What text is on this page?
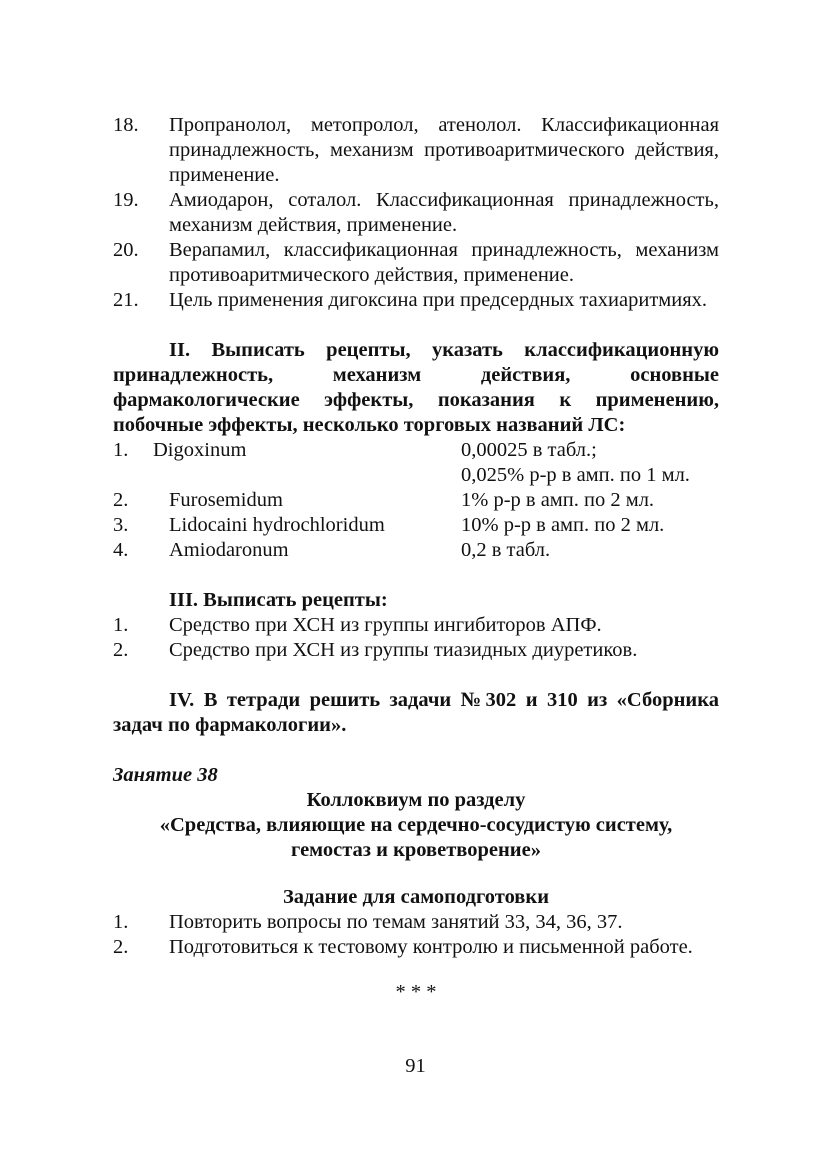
18.	Пропранолол, метопролол, атенолол. Классификационная принадлежность, механизм противоаритмического действия, применение.
19.	Амиодарон, соталол. Классификационная принадлежность, механизм действия, применение.
20.	Верапамил, классификационная принадлежность, механизм противоаритмического действия, применение.
21.	Цель применения дигоксина при предсердных тахиаритмиях.
II. Выписать рецепты, указать классификационную принадлежность, механизм действия, основные фармакологические эффекты, показания к применению, побочные эффекты, несколько торговых названий ЛС:
1. Digoxinum	0,00025 в табл.;
0,025% р-р в амп. по 1 мл.
2. Furosemidum	1% р-р в амп. по 2 мл.
3. Lidocaini hydrochloridum	10% р-р в амп. по 2 мл.
4. Amiodaronum	0,2 в табл.
III. Выписать рецепты:
1.	Средство при ХСН из группы ингибиторов АПФ.
2.	Средство при ХСН из группы тиазидных диуретиков.
IV. В тетради решить задачи №302 и 310 из «Сборника задач по фармакологии».
Занятие 38
Коллоквиум по разделу
«Средства, влияющие на сердечно-сосудистую систему,
гемостаз и кроветворение»
Задание для самоподготовки
1.	Повторить вопросы по темам занятий 33, 34, 36, 37.
2.	Подготовиться к тестовому контролю и письменной работе.
* * *
91
